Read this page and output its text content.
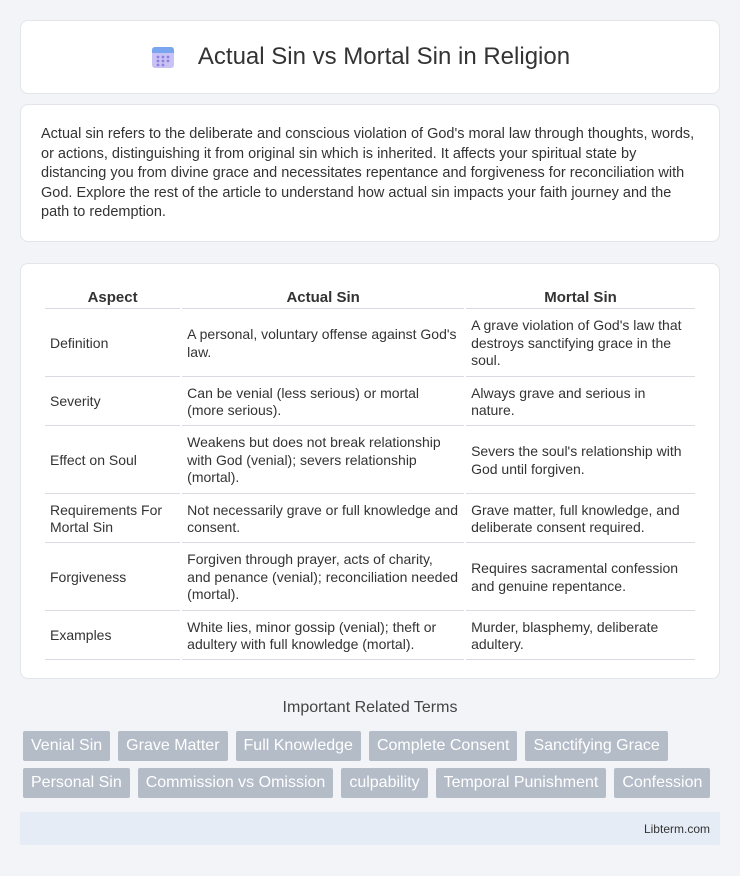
Actual Sin vs Mortal Sin in Religion

Actual sin refers to the deliberate and conscious violation of God's moral law through thoughts, words, or actions, distinguishing it from original sin which is inherited. It affects your spiritual state by distancing you from divine grace and necessitates repentance and forgiveness for reconciliation with God. Explore the rest of the article to understand how actual sin impacts your faith journey and the path to redemption.

Aspect	Actual Sin	Mortal Sin
Definition	A personal, voluntary offense against God's law.	A grave violation of God's law that destroys sanctifying grace in the soul.
Severity	Can be venial (less serious) or mortal (more serious).	Always grave and serious in nature.
Effect on Soul	Weakens but does not break relationship with God (venial); severs relationship (mortal).	Severs the soul's relationship with God until forgiven.
Requirements For Mortal Sin	Not necessarily grave or full knowledge and consent.	Grave matter, full knowledge, and deliberate consent required.
Forgiveness	Forgiven through prayer, acts of charity, and penance (venial); reconciliation needed (mortal).	Requires sacramental confession and genuine repentance.
Examples	White lies, minor gossip (venial); theft or adultery with full knowledge (mortal).	Murder, blasphemy, deliberate adultery.
Important Related Terms
Venial Sin	Grave Matter	Full Knowledge	Complete Consent	Sanctifying Grace
Personal Sin	Commission vs Omission	culpability	Temporal Punishment	Confession
Libterm.com
